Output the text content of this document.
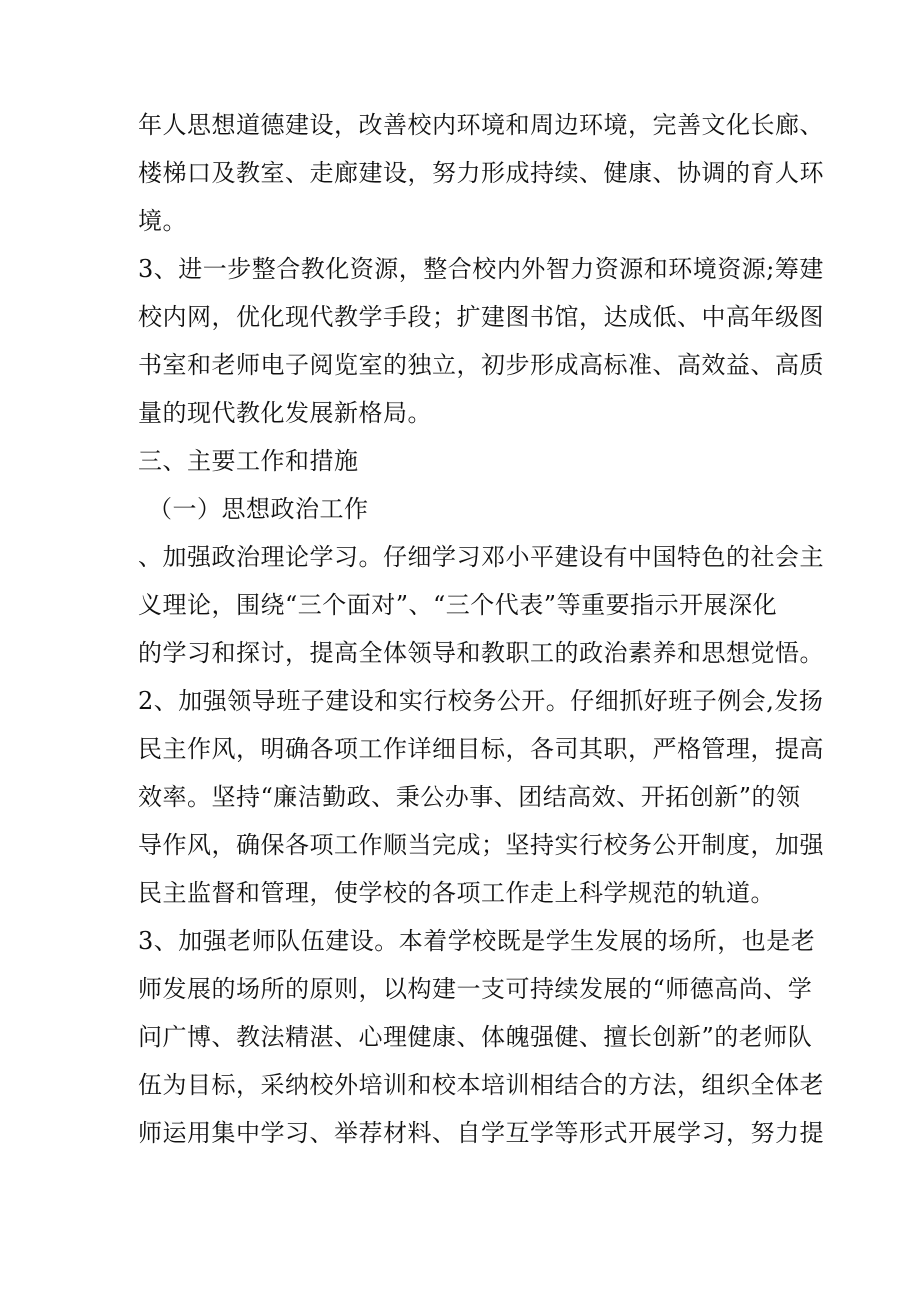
年人思想道德建设，改善校内环境和周边环境，完善文化长廊、
楼梯口及教室、走廊建设，努力形成持续、健康、协调的育人环
境。
3、进一步整合教化资源，整合校内外智力资源和环境资源;筹建
校内网，优化现代教学手段；扩建图书馆，达成低、中高年级图
书室和老师电子阅览室的独立，初步形成高标准、高效益、高质
量的现代教化发展新格局。
三、主要工作和措施
（一）思想政治工作
、加强政治理论学习。仔细学习邓小平建设有中国特色的社会主
义理论，围绕“三个面对”、“三个代表”等重要指示开展深化
的学习和探讨，提高全体领导和教职工的政治素养和思想觉悟。
2、加强领导班子建设和实行校务公开。仔细抓好班子例会,发扬
民主作风，明确各项工作详细目标，各司其职，严格管理，提高
效率。坚持“廉洁勤政、秉公办事、团结高效、开拓创新”的领
导作风，确保各项工作顺当完成；坚持实行校务公开制度，加强
民主监督和管理，使学校的各项工作走上科学规范的轨道。
3、加强老师队伍建设。本着学校既是学生发展的场所，也是老
师发展的场所的原则，以构建一支可持续发展的“师德高尚、学
问广博、教法精湛、心理健康、体魄强健、擅长创新”的老师队
伍为目标，采纳校外培训和校本培训相结合的方法，组织全体老
师运用集中学习、举荐材料、自学互学等形式开展学习，努力提
